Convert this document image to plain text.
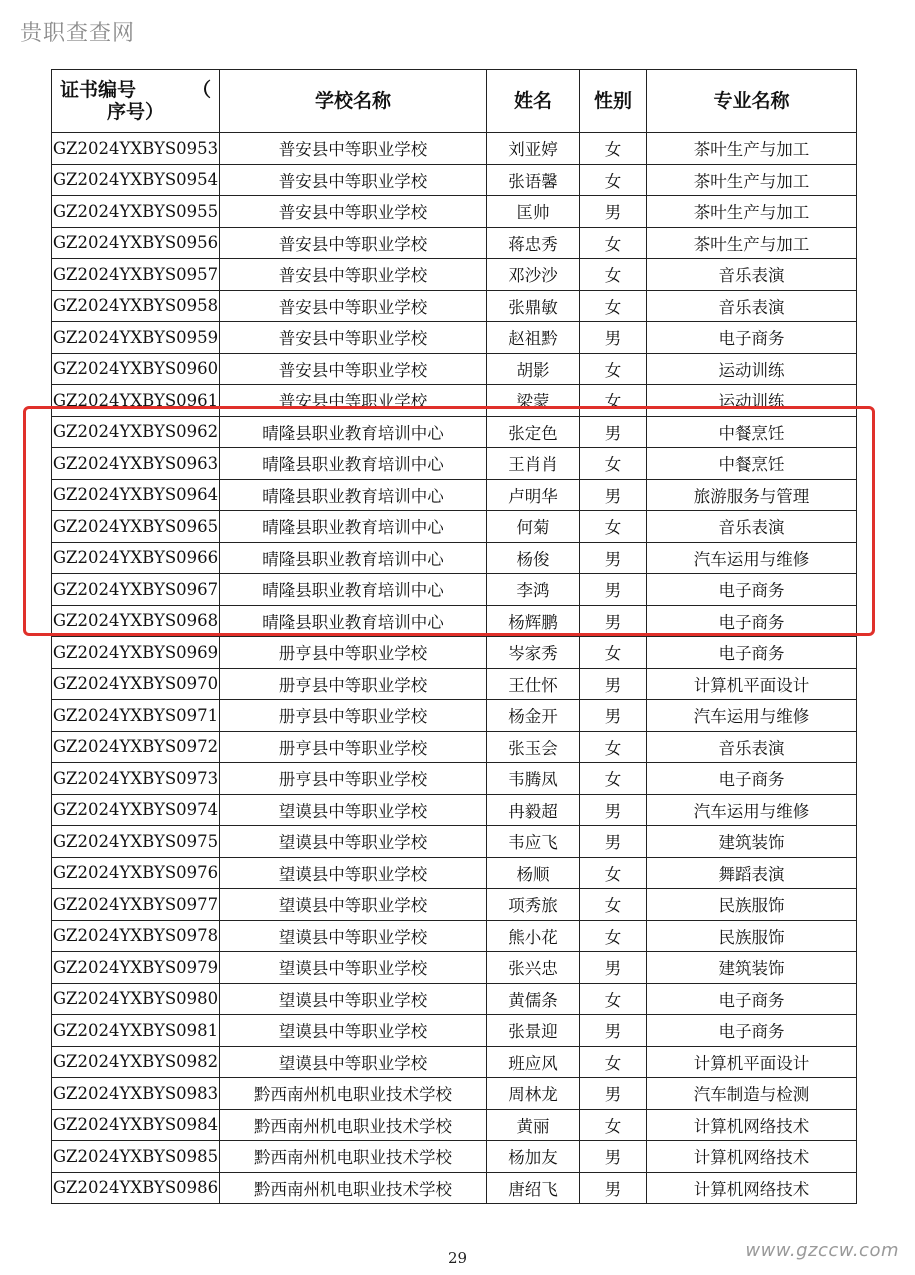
贵职查查网
证书编号 （
序号）	学校名称	姓名	性别	专业名称
GZ2024YXBYS0953	普安县中等职业学校	刘亚婷	女	茶叶生产与加工
GZ2024YXBYS0954	普安县中等职业学校	张语馨	女	茶叶生产与加工
GZ2024YXBYS0955	普安县中等职业学校	匡帅	男	茶叶生产与加工
GZ2024YXBYS0956	普安县中等职业学校	蒋忠秀	女	茶叶生产与加工
GZ2024YXBYS0957	普安县中等职业学校	邓沙沙	女	音乐表演
GZ2024YXBYS0958	普安县中等职业学校	张鼎敏	女	音乐表演
GZ2024YXBYS0959	普安县中等职业学校	赵祖黔	男	电子商务
GZ2024YXBYS0960	普安县中等职业学校	胡影	女	运动训练
GZ2024YXBYS0961	普安县中等职业学校	梁蒙	女	运动训练
GZ2024YXBYS0962	晴隆县职业教育培训中心	张定色	男	中餐烹饪
GZ2024YXBYS0963	晴隆县职业教育培训中心	王肖肖	女	中餐烹饪
GZ2024YXBYS0964	晴隆县职业教育培训中心	卢明华	男	旅游服务与管理
GZ2024YXBYS0965	晴隆县职业教育培训中心	何菊	女	音乐表演
GZ2024YXBYS0966	晴隆县职业教育培训中心	杨俊	男	汽车运用与维修
GZ2024YXBYS0967	晴隆县职业教育培训中心	李鸿	男	电子商务
GZ2024YXBYS0968	晴隆县职业教育培训中心	杨辉鹏	男	电子商务
GZ2024YXBYS0969	册亨县中等职业学校	岑家秀	女	电子商务
GZ2024YXBYS0970	册亨县中等职业学校	王仕怀	男	计算机平面设计
GZ2024YXBYS0971	册亨县中等职业学校	杨金开	男	汽车运用与维修
GZ2024YXBYS0972	册亨县中等职业学校	张玉会	女	音乐表演
GZ2024YXBYS0973	册亨县中等职业学校	韦腾凤	女	电子商务
GZ2024YXBYS0974	望谟县中等职业学校	冉毅超	男	汽车运用与维修
GZ2024YXBYS0975	望谟县中等职业学校	韦应飞	男	建筑装饰
GZ2024YXBYS0976	望谟县中等职业学校	杨顺	女	舞蹈表演
GZ2024YXBYS0977	望谟县中等职业学校	项秀旅	女	民族服饰
GZ2024YXBYS0978	望谟县中等职业学校	熊小花	女	民族服饰
GZ2024YXBYS0979	望谟县中等职业学校	张兴忠	男	建筑装饰
GZ2024YXBYS0980	望谟县中等职业学校	黄儒条	女	电子商务
GZ2024YXBYS0981	望谟县中等职业学校	张景迎	男	电子商务
GZ2024YXBYS0982	望谟县中等职业学校	班应风	女	计算机平面设计
GZ2024YXBYS0983	黔西南州机电职业技术学校	周林龙	男	汽车制造与检测
GZ2024YXBYS0984	黔西南州机电职业技术学校	黄丽	女	计算机网络技术
GZ2024YXBYS0985	黔西南州机电职业技术学校	杨加友	男	计算机网络技术
GZ2024YXBYS0986	黔西南州机电职业技术学校	唐绍飞	男	计算机网络技术
29	www.gzccw.com
